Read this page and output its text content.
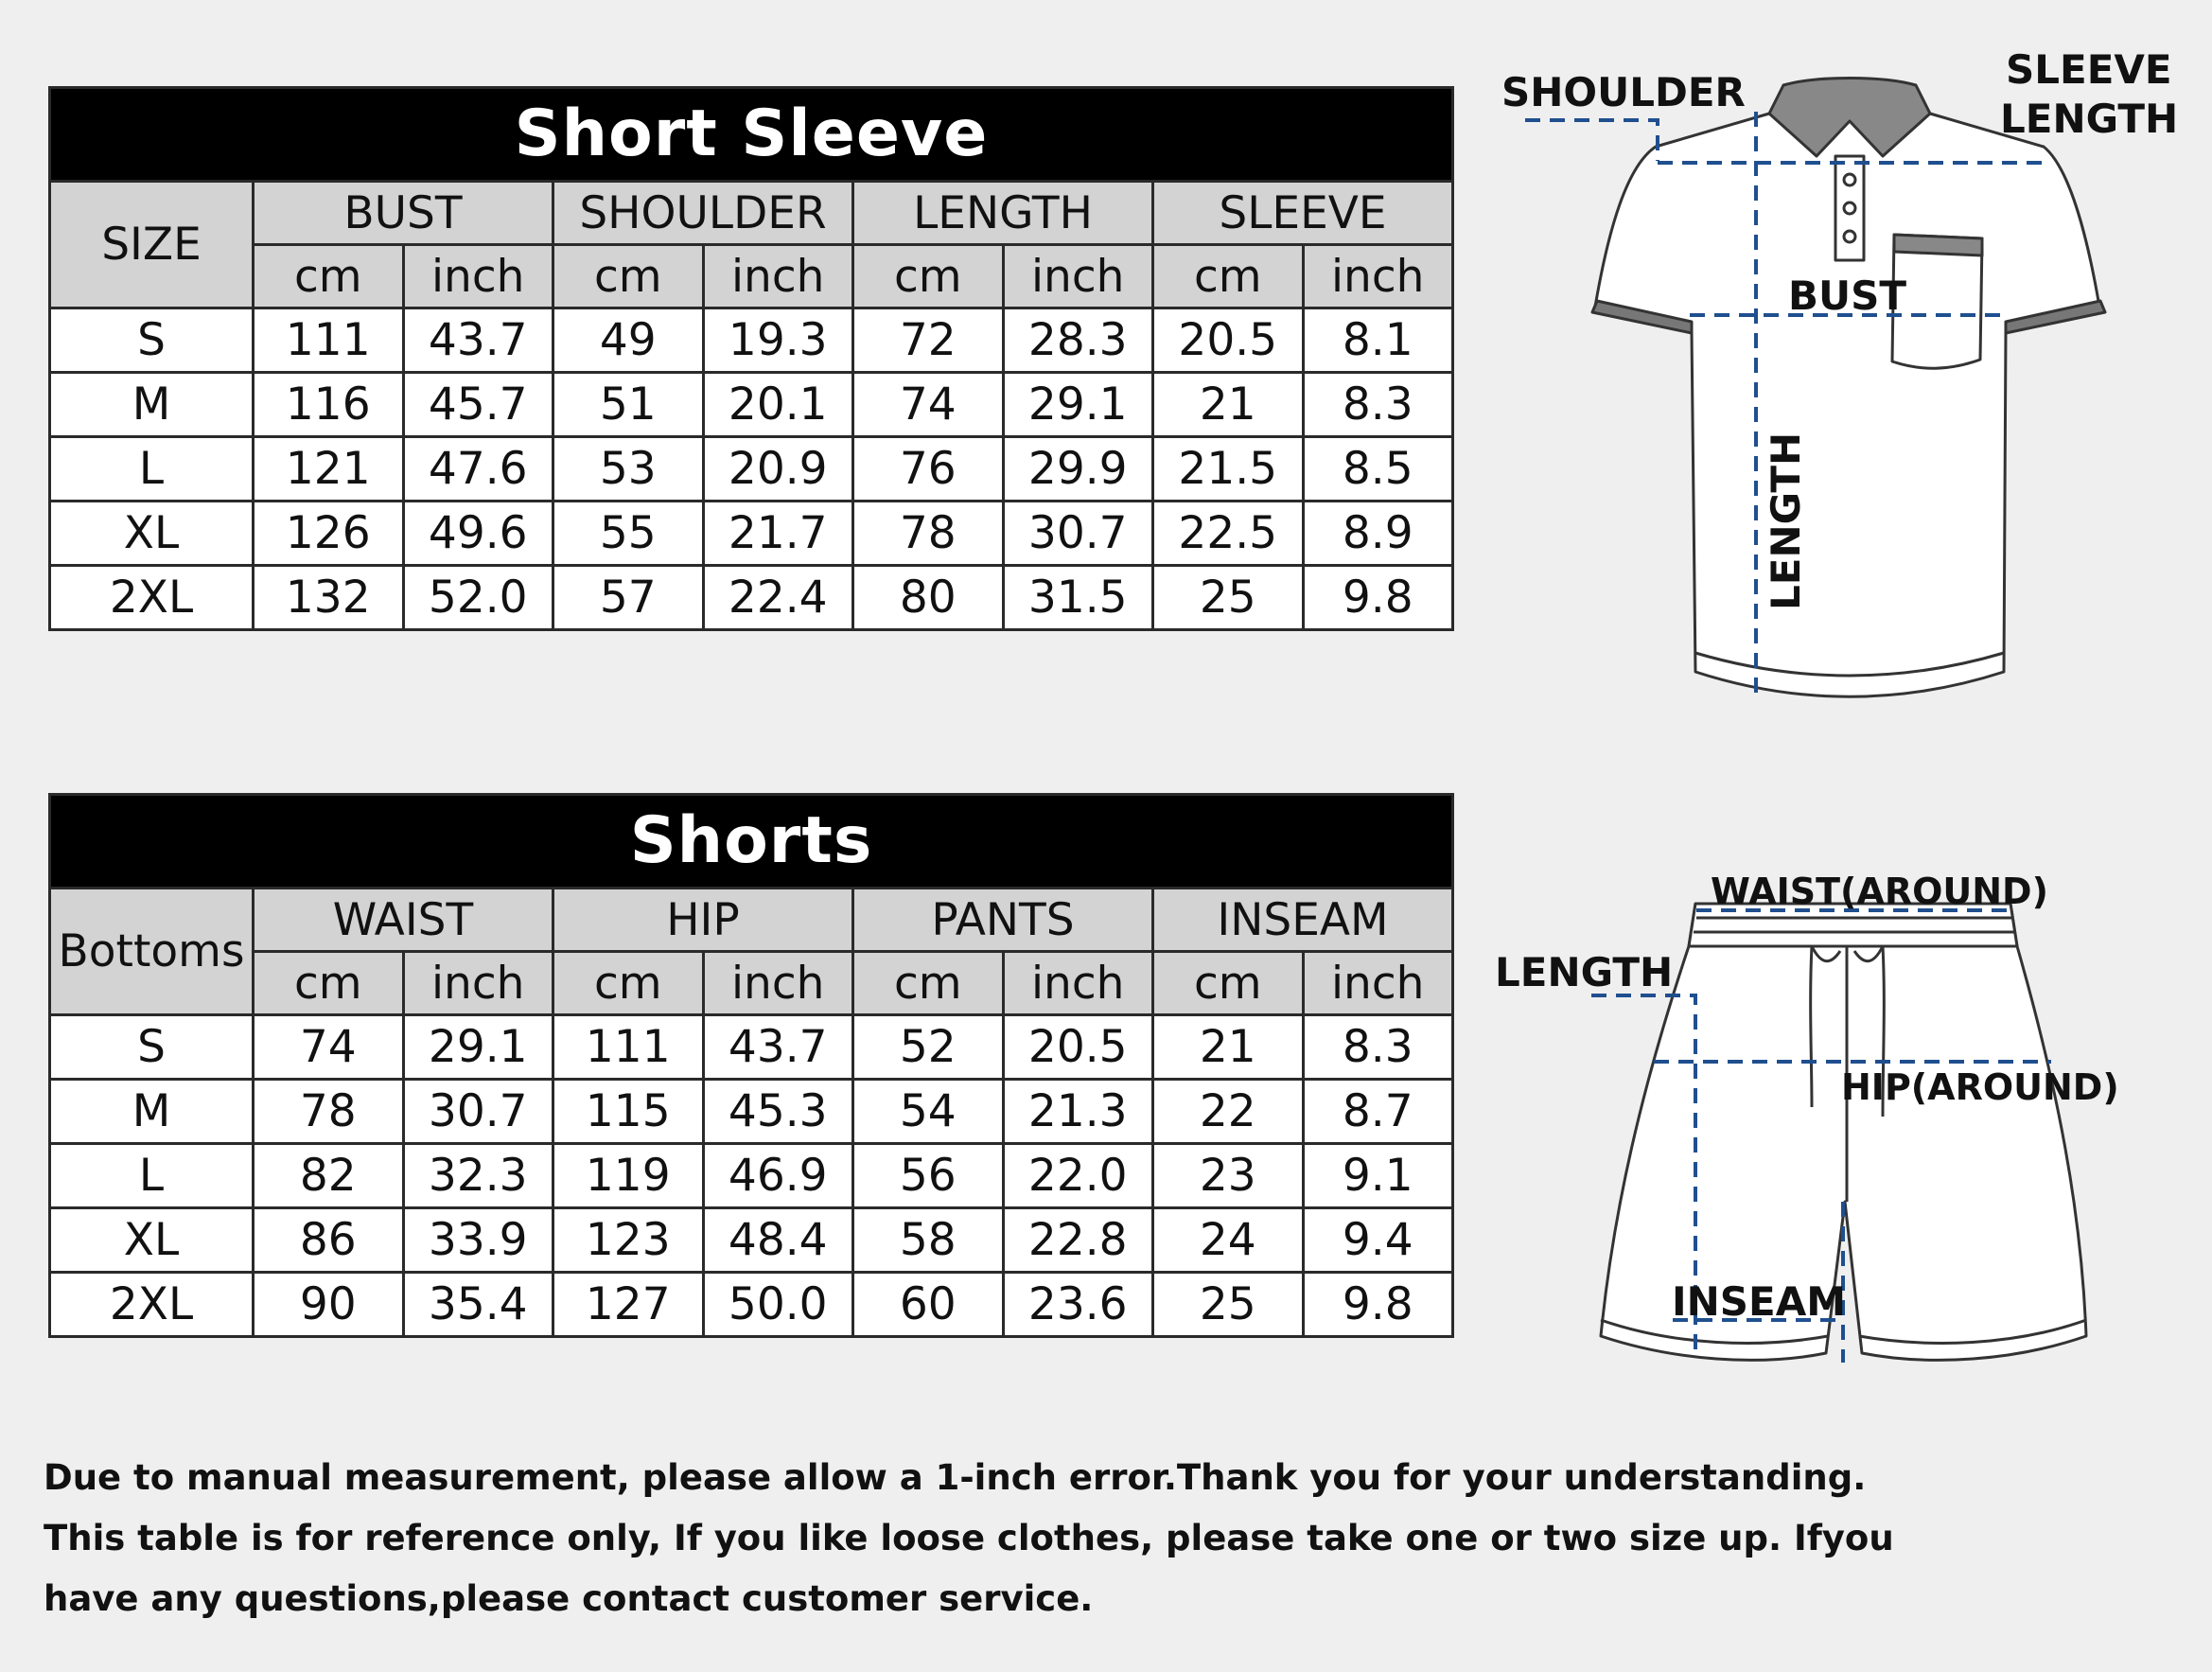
Short Sleeve								
SIZE	BUST		SHOULDER		LENGTH		SLEEVE	
	cm	inch	cm	inch	cm	inch	cm	inch
S	111	43.7	49	19.3	72	28.3	20.5	8.1
M	116	45.7	51	20.1	74	29.1	21	8.3
L	121	47.6	53	20.9	76	29.9	21.5	8.5
XL	126	49.6	55	21.7	78	30.7	22.5	8.9
2XL	132	52.0	57	22.4	80	31.5	25	9.8
Shorts								
Bottoms	WAIST		HIP		PANTS		INSEAM	
	cm	inch	cm	inch	cm	inch	cm	inch
S	74	29.1	111	43.7	52	20.5	21	8.3
M	78	30.7	115	45.3	54	21.3	22	8.7
L	82	32.3	119	46.9	56	22.0	23	9.1
XL	86	33.9	123	48.4	58	22.8	24	9.4
2XL	90	35.4	127	50.0	60	23.6	25	9.8
SHOULDER	SLEEVE
LENGTH
BUST
LENGTH
WAIST(AROUND)
LENGTH
HIP(AROUND)
INSEAM
Due to manual measurement, please allow a 1-inch error.Thank you for your understanding.
This table is for reference only, If you like loose clothes, please take one or two size up. Ifyou
have any questions,please contact customer service.
